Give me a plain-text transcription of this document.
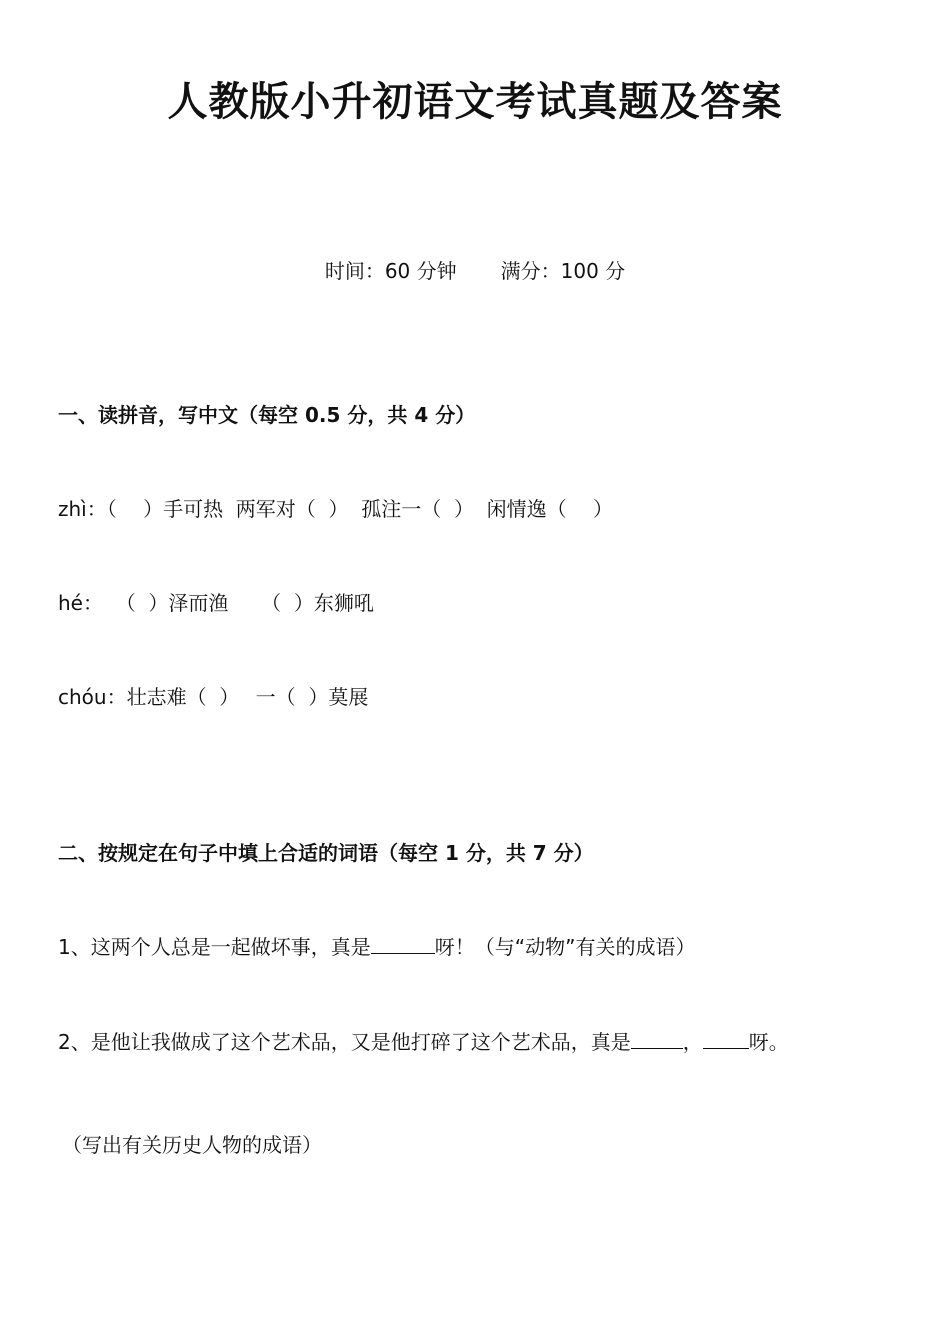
人教版小升初语文考试真题及答案
时间：60 分钟 满分：100 分
一、读拼音，写中文（每空 0.5 分，共 4 分）
zhì：（　 ）手可热  两军对（  ）  孤注一（  ）  闲情逸（　 ）
hé：  （  ）泽而渔　  （  ）东狮吼
chóu：壮志难（  ）　 一（  ）莫展
二、按规定在句子中填上合适的词语（每空 1 分，共 7 分）
1、这两个人总是一起做坏事，真是	呀！（与“动物”有关的成语）
2、是他让我做成了这个艺术品，又是他打碎了这个艺术品，真是	， 呀。
（写出有关历史人物的成语）
